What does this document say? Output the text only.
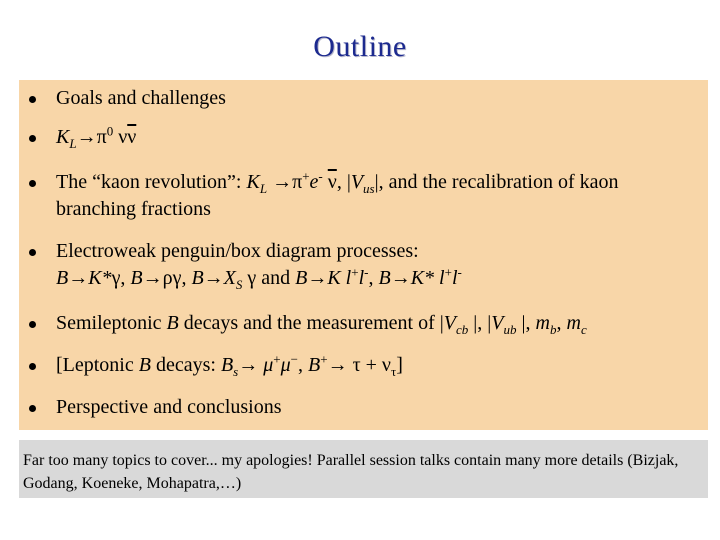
Outline
Goals and challenges
$K_L\to\pi^0$ $\nu\overline{\nu}$
The “kaon revolution”: $K_L \to\pi^+e^-$ $\overline{\nu}$, $|V_{us}|$, and the recalibration of kaon branching fractions
Electroweak penguin/box diagram processes:
B→K*γ, B→ργ, $B\to X_S$ γ and B→K l+l-, B→K* l+l-
Semileptonic B decays and the measurement of $|V_{cb}$ |, $|V_{ub}$ |, $m_b$, $m_c$
[Leptonic B decays: $B_s\to \mu^+\mu^-$, $B^+\to \tau + \nu_\tau$]
Perspective and conclusions
Far too many topics to cover... my apologies! Parallel session talks contain many more details (Bizjak, Godang, Koeneke, Mohapatra,…)
